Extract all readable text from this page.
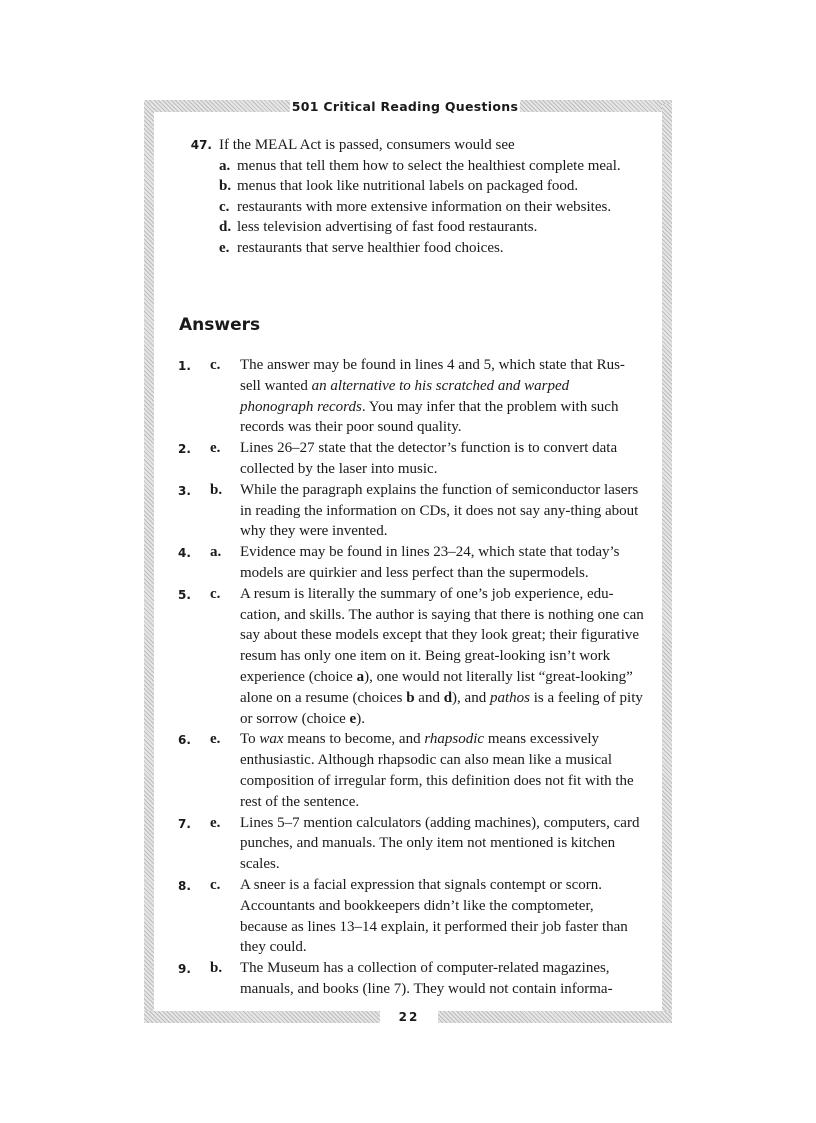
501 Critical Reading Questions
47. If the MEAL Act is passed, consumers would see
a. menus that tell them how to select the healthiest complete meal.
b. menus that look like nutritional labels on packaged food.
c. restaurants with more extensive information on their websites.
d. less television advertising of fast food restaurants.
e. restaurants that serve healthier food choices.
Answers
1. c. The answer may be found in lines 4 and 5, which state that Rus-sell wanted an alternative to his scratched and warped phonograph records. You may infer that the problem with such records was their poor sound quality.
2. e. Lines 26–27 state that the detector’s function is to convert data collected by the laser into music.
3. b. While the paragraph explains the function of semiconductor lasers in reading the information on CDs, it does not say any-thing about why they were invented.
4. a. Evidence may be found in lines 23–24, which state that today’s models are quirkier and less perfect than the supermodels.
5. c. A resum is literally the summary of one’s job experience, edu-cation, and skills. The author is saying that there is nothing one can say about these models except that they look great; their figurative resum has only one item on it. Being great-looking isn’t work experience (choice a), one would not literally list “great-looking” alone on a resume (choices b and d), and pathos is a feeling of pity or sorrow (choice e).
6. e. To wax means to become, and rhapsodic means excessively enthusiastic. Although rhapsodic can also mean like a musical composition of irregular form, this definition does not fit with the rest of the sentence.
7. e. Lines 5–7 mention calculators (adding machines), computers, card punches, and manuals. The only item not mentioned is kitchen scales.
8. c. A sneer is a facial expression that signals contempt or scorn. Accountants and bookkeepers didn’t like the comptometer, because as lines 13–14 explain, it performed their job faster than they could.
9. b. The Museum has a collection of computer-related magazines, manuals, and books (line 7). They would not contain informa-
22
